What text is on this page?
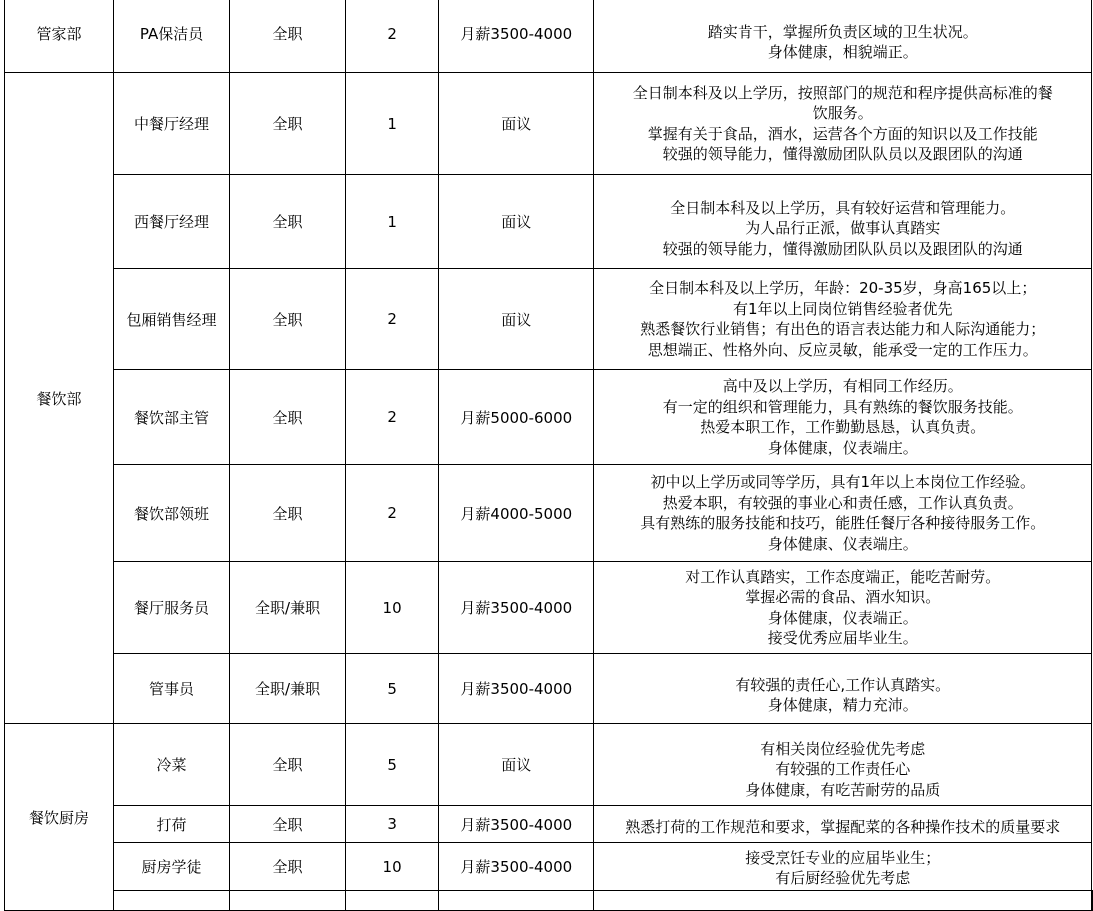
管家部	PA保洁员	全职	2	月薪3500-4000	踏实肯干，掌握所负责区域的卫生状况。
身体健康，相貌端正。	

餐饮部	中餐厅经理	全职	1	面议	全日制本科及以上学历，按照部门的规范和程序提供高标准的餐
饮服务。
掌握有关于食品，酒水，运营各个方面的知识以及工作技能
较强的领导能力，懂得激励团队队员以及跟团队的沟通	

	西餐厅经理	全职	1	面议	全日制本科及以上学历，具有较好运营和管理能力。
为人品行正派，做事认真踏实
较强的领导能力，懂得激励团队队员以及跟团队的沟通	

	包厢销售经理	全职	2	面议	全日制本科及以上学历，年龄：20-35岁，身高165以上；
有1年以上同岗位销售经验者优先
熟悉餐饮行业销售；有出色的语言表达能力和人际沟通能力；
思想端正、性格外向、反应灵敏，能承受一定的工作压力。	

	餐饮部主管	全职	2	月薪5000-6000	高中及以上学历，有相同工作经历。
有一定的组织和管理能力，具有熟练的餐饮服务技能。
热爱本职工作，工作勤勤恳恳，认真负责。
身体健康，仪表端庄。	

	餐饮部领班	全职	2	月薪4000-5000	初中以上学历或同等学历，具有1年以上本岗位工作经验。
热爱本职，有较强的事业心和责任感，工作认真负责。
具有熟练的服务技能和技巧，能胜任餐厅各种接待服务工作。
身体健康、仪表端庄。	

	餐厅服务员	全职/兼职	10	月薪3500-4000	对工作认真踏实，工作态度端正，能吃苦耐劳。
掌握必需的食品、酒水知识。
身体健康，仪表端正。
接受优秀应届毕业生。	

	管事员	全职/兼职	5	月薪3500-4000	有较强的责任心,工作认真踏实。
身体健康，精力充沛。	

餐饮厨房	冷菜	全职	5	面议	有相关岗位经验优先考虑
有较强的工作责任心
身体健康，有吃苦耐劳的品质	

	打荷	全职	3	月薪3500-4000	熟悉打荷的工作规范和要求，掌握配菜的各种操作技术的质量要求	

	厨房学徒	全职	10	月薪3500-4000	接受烹饪专业的应届毕业生；
有后厨经验优先考虑	
